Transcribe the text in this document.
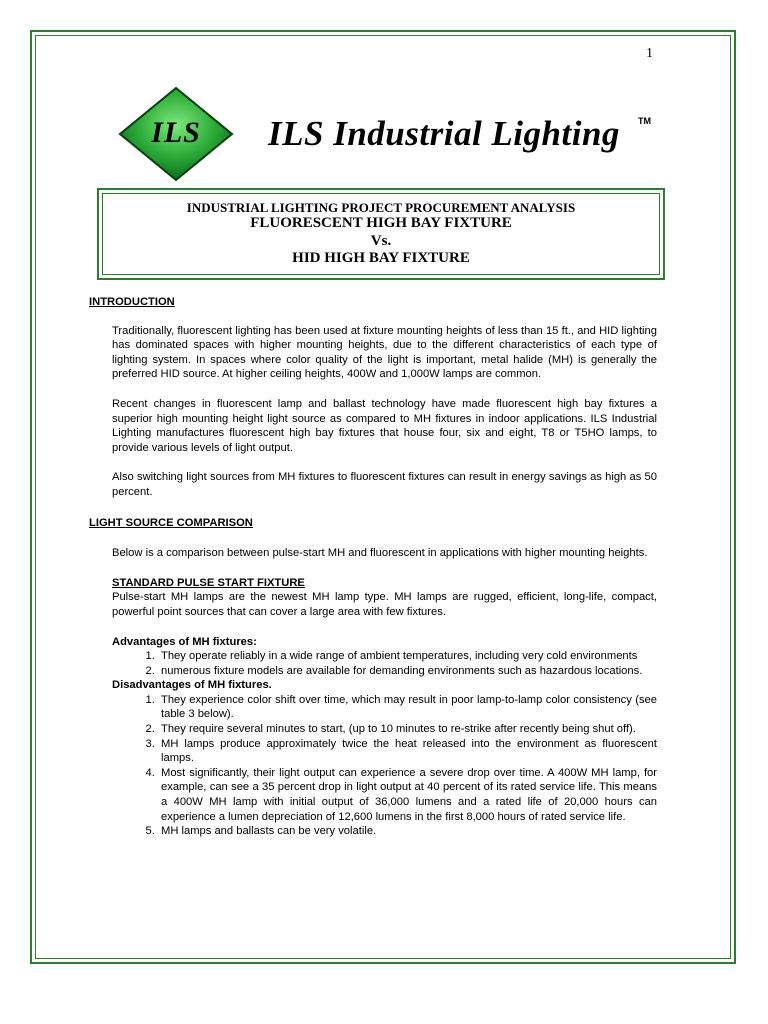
1
ILS ILS Industrial Lighting TM
INDUSTRIAL LIGHTING PROJECT PROCUREMENT ANALYSIS
FLUORESCENT HIGH BAY FIXTURE
Vs.
HID HIGH BAY FIXTURE

INTRODUCTION

Traditionally, fluorescent lighting has been used at fixture mounting heights of less than 15 ft., and HID lighting has dominated spaces with higher mounting heights, due to the different characteristics of each type of lighting system. In spaces where color quality of the light is important, metal halide (MH) is generally the preferred HID source. At higher ceiling heights, 400W and 1,000W lamps are common.

Recent changes in fluorescent lamp and ballast technology have made fluorescent high bay fixtures a superior high mounting height light source as compared to MH fixtures in indoor applications. ILS Industrial Lighting manufactures fluorescent high bay fixtures that house four, six and eight, T8 or T5HO lamps, to provide various levels of light output.

Also switching light sources from MH fixtures to fluorescent fixtures can result in energy savings as high as 50 percent.

LIGHT SOURCE COMPARISON

Below is a comparison between pulse-start MH and fluorescent in applications with higher mounting heights.

STANDARD PULSE START FIXTURE

Pulse-start MH lamps are the newest MH lamp type. MH lamps are rugged, efficient, long-life, compact, powerful point sources that can cover a large area with few fixtures.

Advantages of MH fixtures:

1. They operate reliably in a wide range of ambient temperatures, including very cold environments
2. numerous fixture models are available for demanding environments such as hazardous locations.

Disadvantages of MH fixtures.

1. They experience color shift over time, which may result in poor lamp-to-lamp color consistency (see table 3 below).
2. They require several minutes to start, (up to 10 minutes to re-strike after recently being shut off).
3. MH lamps produce approximately twice the heat released into the environment as fluorescent lamps.
4. Most significantly, their light output can experience a severe drop over time. A 400W MH lamp, for example, can see a 35 percent drop in light output at 40 percent of its rated service life. This means a 400W MH lamp with initial output of 36,000 lumens and a rated life of 20,000 hours can experience a lumen depreciation of 12,600 lumens in the first 8,000 hours of rated service life.
5. MH lamps and ballasts can be very volatile.
